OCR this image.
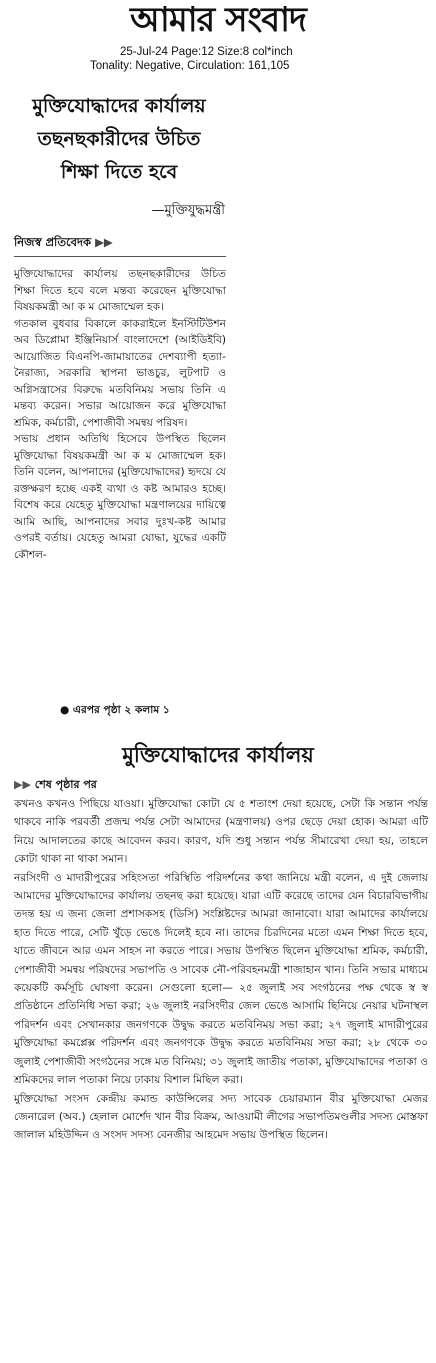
আমার সংবাদ
25-Jul-24 Page:12 Size:8 col*inch
Tonality: Negative, Circulation: 161,105
মুক্তিযোদ্ধাদের কার্যালয়
তছনছকারীদের উচিত
শিক্ষা দিতে হবে
—মুক্তিযুদ্ধমন্ত্রী
নিজস্ব প্রতিবেদক ▶▶

মুক্তিযোদ্ধাদের কার্যালয় তছনছকারীদের উচিত শিক্ষা দিতে হবে বলে মন্তব্য করেছেন মুক্তিযোদ্ধা বিষয়কমন্ত্রী আ ক ম মোজাম্মেল হক।

গতকাল বুধবার বিকালে কাকরাইলে ইনস্টিটিউশন অব ডিপ্লোমা ইঞ্জিনিয়ার্স বাংলাদেশে (আইডিইবি) আয়োজিত বিএনপি-জামায়াতের দেশব্যাপী হত্যা-নৈরাজ্য, সরকারি স্থাপনা ভাঙচুর, লুটপাট ও অগ্নিসন্ত্রাসের বিরুদ্ধে মতবিনিময় সভায় তিনি এ মন্তব্য করেন। সভার আয়োজন করে মুক্তিযোদ্ধা শ্রমিক, কর্মচারী, পেশাজীবী সমন্বয় পরিষদ।

সভায় প্রধান অতিথি হিসেবে উপস্থিত ছিলেন মুক্তিযোদ্ধা বিষয়কমন্ত্রী আ ক ম মোজাম্মেল হক। তিনি বলেন, আপনাদের (মুক্তিযোদ্ধাদের) হৃদয়ে যে রক্তক্ষরণ হচ্ছে একই ব্যথা ও কষ্ট আমারও হচ্ছে। বিশেষ করে যেহেতু মুক্তিযোদ্ধা মন্ত্রণালয়ের দায়িত্বে আমি আছি, আপনাদের সবার দুঃখ-কষ্ট আমার ওপরই বর্তায়। যেহেতু আমরা যোদ্ধা, যুদ্ধের একটি কৌশল-

● এরপর পৃষ্ঠা ২ কলাম ১
মুক্তিযোদ্ধাদের কার্যালয়
▶▶ শেষ পৃষ্ঠার পর

কখনও কখনও পিছিয়ে যাওয়া। মুক্তিযোদ্ধা কোটা যে ৫ শতাংশ দেয়া হয়েছে, সেটা কি সন্তান পর্যন্ত থাকবে নাকি পরবর্তী প্রজন্ম পর্যন্ত সেটা আমাদের (মন্ত্রণালয়) ওপর ছেড়ে দেয়া হোক। আমরা এটি নিয়ে আদালতের কাছে আবেদন করব। কারণ, যদি শুধু সন্তান পর্যন্ত সীমারেখা দেয়া হয়, তাহলে কোটা থাকা না থাকা সমান।

নরসিংদী ও মাদারীপুরের সহিংসতা পরিস্থিতি পরিদর্শনের কথা জানিয়ে মন্ত্রী বলেন, এ দুই জেলায় আমাদের মুক্তিযোদ্ধাদের কার্যালয় তছনছ করা হয়েছে। যারা এটি করেছে তাদের যেন বিচারবিভাগীয় তদন্ত হয় এ জন্য জেলা প্রশাসকসহ (ডিসি) সংশ্লিষ্টদের আমরা জানাবো। যারা আমাদের কার্যালয়ে হাত দিতে পারে, সেটি খুঁড়ে ভেঙে দিলেই হবে না। তাদের চিরদিনের মতো এমন শিক্ষা দিতে হবে, যাতে জীবনে আর এমন সাহস না করতে পারে। সভায় উপস্থিত ছিলেন মুক্তিযোদ্ধা শ্রমিক, কর্মচারী, পেশাজীবী সমন্বয় পরিষদের সভাপতি ও সাবেক নৌ-পরিবহনমন্ত্রী শাজাহান খান। তিনি সভার মাধ্যমে কয়েকটি কর্মসূচি ঘোষণা করেন। সেগুলো হলো— ২৫ জুলাই সব সংগঠনের পক্ষ থেকে স্ব স্ব প্রতিষ্ঠানে প্রতিনিধি সভা করা; ২৬ জুলাই নরসিংদীর জেল ভেঙে আসামি ছিনিয়ে নেয়ার ঘটনাস্থল পরিদর্শন এবং সেখানকার জনগণকে উদ্বুদ্ধ করতে মতবিনিময় সভা করা; ২৭ জুলাই মাদারীপুরের মুক্তিযোদ্ধা কমপ্লেক্স পরিদর্শন এবং জনগণকে উদ্বুদ্ধ করতে মতবিনিময় সভা করা; ২৮ থেকে ৩০ জুলাই পেশাজীবী সংগঠনের সঙ্গে মত বিনিময়; ৩১ জুলাই জাতীয় পতাকা, মুক্তিযোদ্ধাদের পতাকা ও শ্রমিকদের লাল পতাকা নিয়ে ঢাকায় বিশাল মিছিল করা।

মুক্তিযোদ্ধা সংসদ কেন্দ্রীয় কমান্ড কাউন্সিলের সদ্য সাবেক চেয়ারম্যান বীর মুক্তিযোদ্ধা মেজর জেনারেল (অব.) হেলাল মোর্শেদ খান বীর বিক্রম, আওয়ামী লীগের সভাপতিমণ্ডলীর সদস্য মোস্তফা জালাল মহিউদ্দিন ও সংসদ সদস্য বেনজীর আহমেদ সভায় উপস্থিত ছিলেন।
